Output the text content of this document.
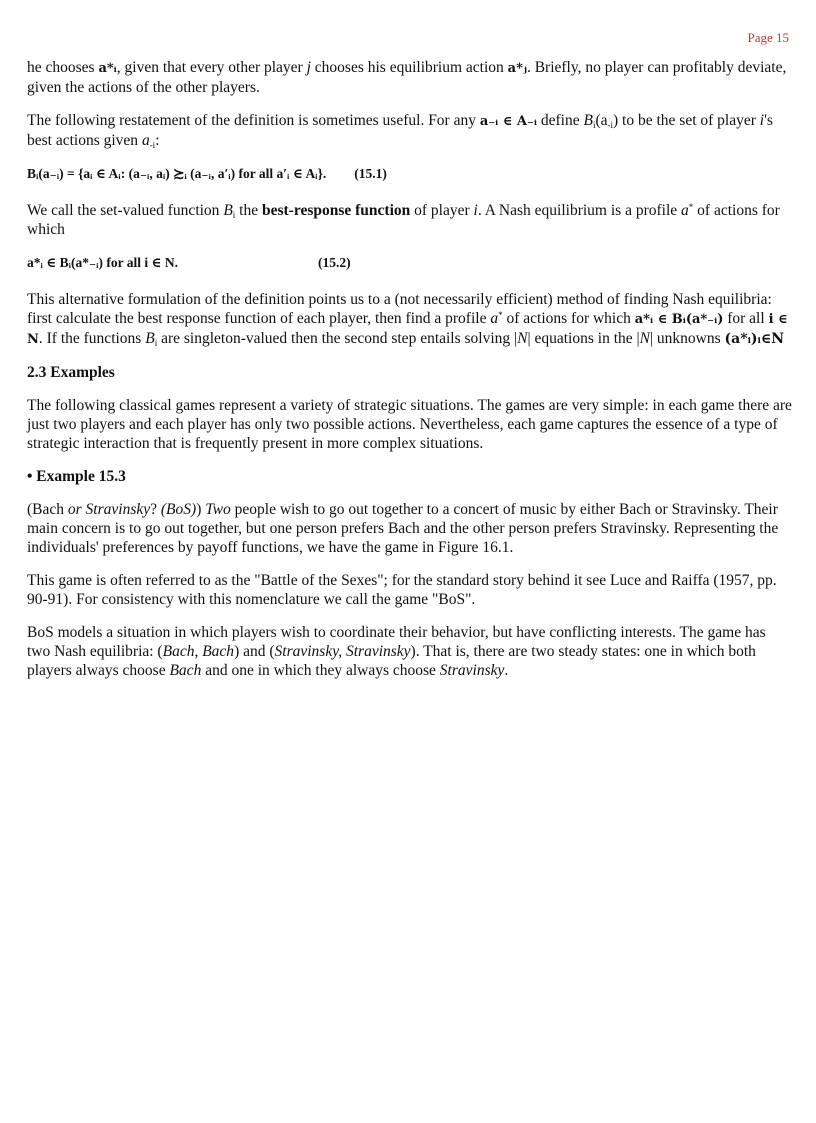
Page 15

he chooses a*ᵢ, given that every other player j chooses his equilibrium action a*ⱼ. Briefly, no player can profitably deviate, given the actions of the other players.

The following restatement of the definition is sometimes useful. For any a₋ᵢ ∈ A₋ᵢ define $B_i(a_{-i})$ to be the set of player i's best actions given $a_{-i}$:

Bᵢ(a₋ᵢ) = {aᵢ ∈ Aᵢ: (a₋ᵢ, aᵢ) ≿ᵢ (a₋ᵢ, a′ᵢ) for all a′ᵢ ∈ Aᵢ}. (15.1)

We call the set-valued function $B_i$ the best-response function of player i. A Nash equilibrium is a profile a* of actions for which

a*ᵢ ∈ Bᵢ(a*₋ᵢ) for all i ∈ N.	(15.2)

This alternative formulation of the definition points us to a (not necessarily efficient) method of finding Nash equilibria: first calculate the best response function of each player, then find a profile a* of actions for which a*ᵢ ∈ Bᵢ(a*₋ᵢ) for all i ∈ N. If the functions $B_i$ are singleton-valued then the second step entails solving |N| equations in the |N| unknowns (a*ᵢ)ᵢ∈N

2.3 Examples

The following classical games represent a variety of strategic situations. The games are very simple: in each game there are just two players and each player has only two possible actions. Nevertheless, each game captures the essence of a type of strategic interaction that is frequently present in more complex situations.

• Example 15.3

(Bach or Stravinsky? (BoS)) Two people wish to go out together to a concert of music by either Bach or Stravinsky. Their main concern is to go out together, but one person prefers Bach and the other person prefers Stravinsky. Representing the individuals' preferences by payoff functions, we have the game in Figure 16.1.

This game is often referred to as the "Battle of the Sexes"; for the standard story behind it see Luce and Raiffa (1957, pp. 90-91). For consistency with this nomenclature we call the game "BoS".

BoS models a situation in which players wish to coordinate their behavior, but have conflicting interests. The game has two Nash equilibria: (Bach, Bach) and (Stravinsky, Stravinsky). That is, there are two steady states: one in which both players always choose Bach and one in which they always choose Stravinsky.
